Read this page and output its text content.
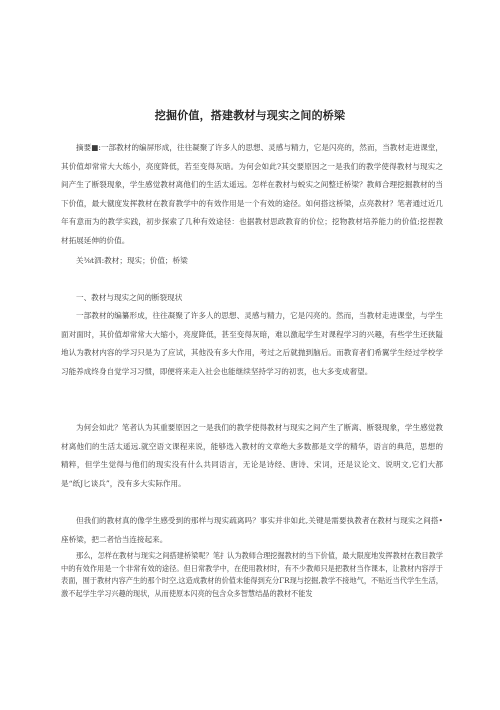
挖掘价值，搭建教材与现实之间的桥梁

摘要■:一部教材的编屏形成，往往凝聚了许多人的思想、灵感与精力，它是闪亮的，然而，当教材走进课堂，其价值却常常大大练小，亮度降低，若至变得灰暗。为何会如此?其交要原因之一是我们的教学使得教材与现实之间产生了断裂现象，学生感觉教材离他们的生活太遥远。怎样在教材与蜕实之间整迁桥梁？教师合理挖掘教材的当下价值，最大僦度发挥教材在教育教学中的有效作用是一个有效的途径。如何搭这桥梁，点亮教材？笔者通过近几年有意而为的教学实践，初步探索了几种有效途径：也据教材思政教育的价位；挖物教材培养能力的价值;挖捏教材拓展延伸的价值。

关⅜t泗:教材；现实；价值；桥梁

一、教材与现实之间的断裂现状

一部教材的编纂形成，往往凝聚了许多人的思想、灵感与精力，它是闪亮的。然而，当教材走进课堂，与学生面对面时，其价值却常常大大缩小，亮度降低，甚至变得灰暗，难以激起学生对课程学习的兴趣，有些学生还狭隘地认为教材内容的学习只是为了应试，其他没有多大作用，考过之后就抛到脑后。而教育者们希翼学生经过学校学习能养成终身自觉学习习惯，即便将来走入社会也能继续坚持学习的初衷，也大多变成奢望。

为何会如此？笔者认为其重要原因之一是我们的教学使得教材与现实之间产生了断离、断裂现象，学生感觉教材离他们的生活太遥远.就空语文课程来说，能够选入教材的文章绝大多数都是文学的精华，语言的典范，思想的精粹，但学生觉得与他们的现实没有什么共同语言，无论是诗经、唐诗、宋词，还是议论文、说明文,它们大都是“纸J匕谈兵”，没有多大实际作用。

但我们的教材真的像学生感受到的那样与现实疏离吗？事实并非如此,关键是需要执教者在教材与现实之间搭•座桥梁，把二者恰当连接起来。

那么，怎样在教材与现实之间搭建桥梁呢？笔扌认为教师合理挖掘教材的当下价值，最大限度地发挥教材在教目教学中的有效作用是一个非常有效的途径。但日常教学中，在使用教材时，有不少教师只是把教材当作课本，让教材内容浮于表面，囿于教材内容产生的那个时空,这造成教材的价值未能得到充分ΓR现与挖掘,教学不接地气，不贴近当代学生生活，激不起学生学习兴趣的现状，从而使原本闪亮的包含众多智慧结晶的教材不能发
